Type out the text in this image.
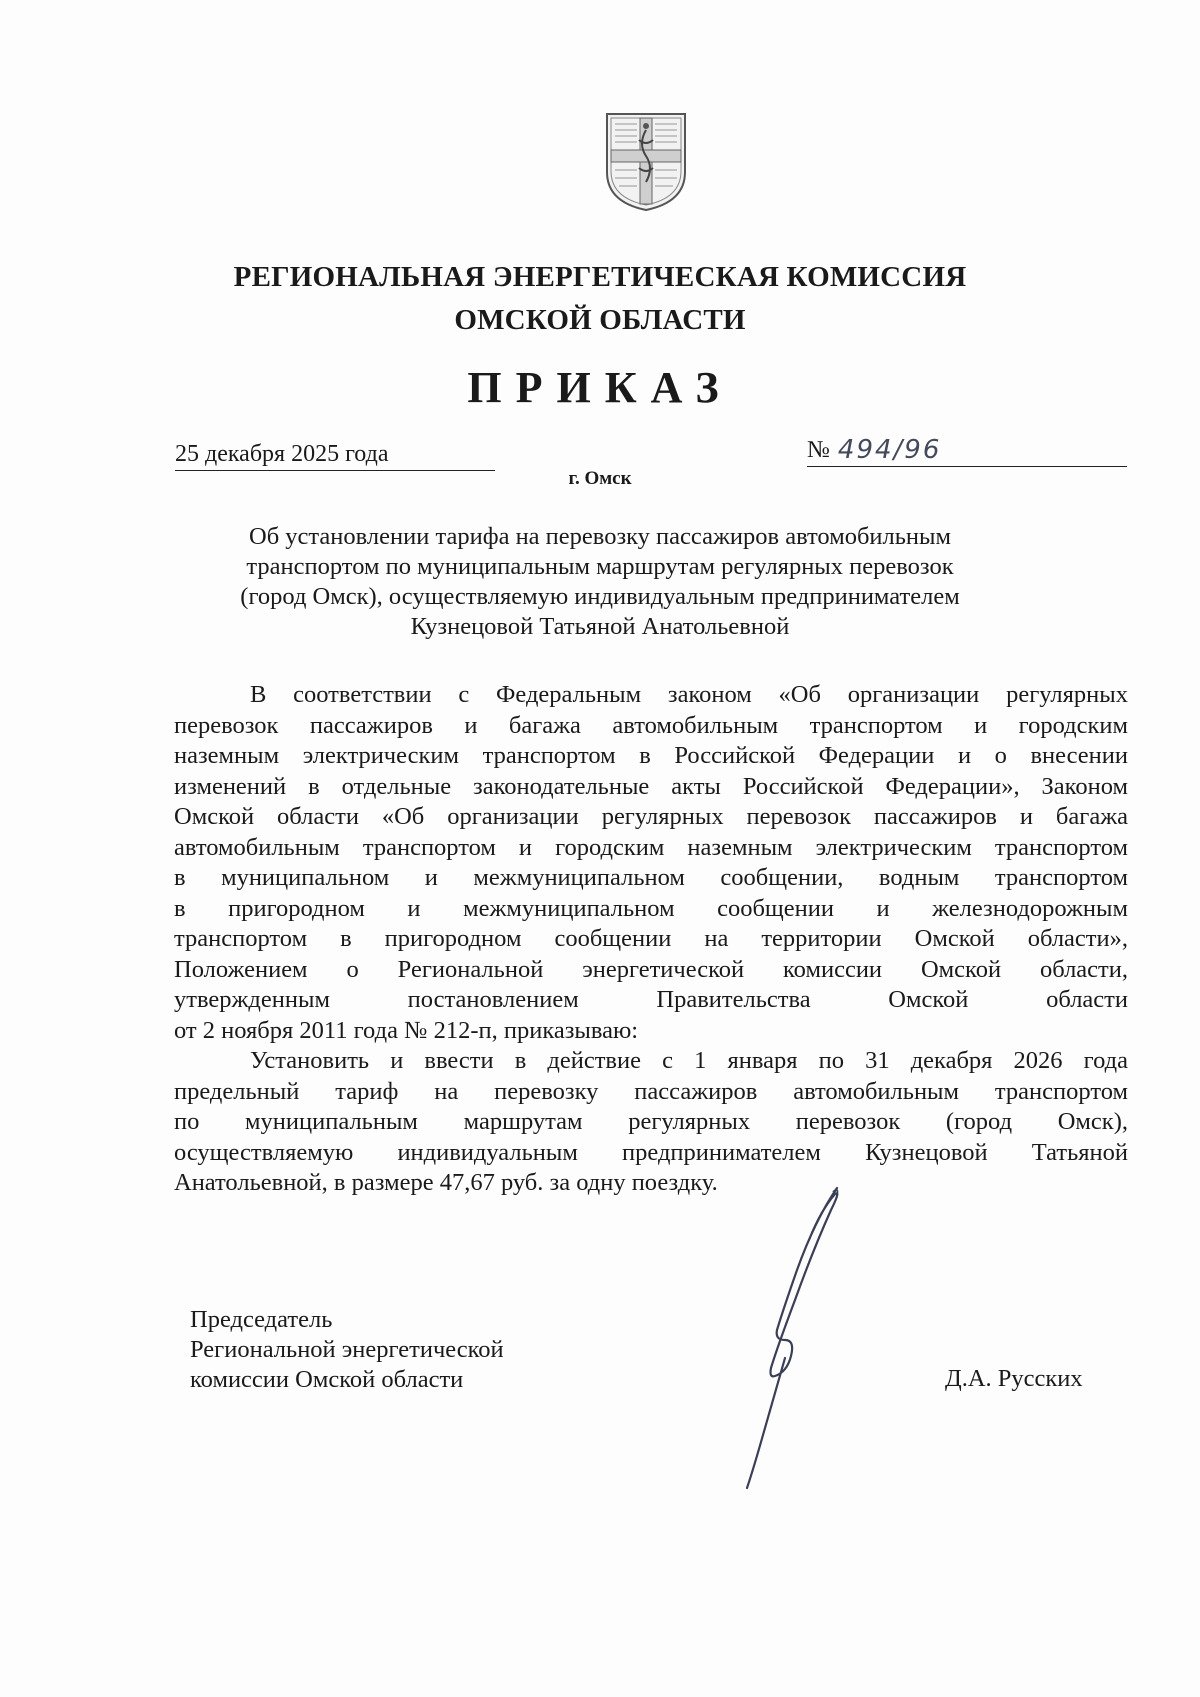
РЕГИОНАЛЬНАЯ ЭНЕРГЕТИЧЕСКАЯ КОМИССИЯ
ОМСКОЙ ОБЛАСТИ
ПРИКАЗ
25 декабря 2025 года	№ 494/96
г. Омск
Об установлении тарифа на перевозку пассажиров автомобильным
транспортом по муниципальным маршрутам регулярных перевозок
(город Омск), осуществляемую индивидуальным предпринимателем
Кузнецовой Татьяной Анатольевной
В соответствии с Федеральным законом «Об организации регулярных
перевозок пассажиров и багажа автомобильным транспортом и городским
наземным электрическим транспортом в Российской Федерации и о внесении
изменений в отдельные законодательные акты Российской Федерации», Законом
Омской области «Об организации регулярных перевозок пассажиров и багажа
автомобильным транспортом и городским наземным электрическим транспортом
в муниципальном и межмуниципальном сообщении, водным транспортом
в пригородном и межмуниципальном сообщении и железнодорожным
транспортом в пригородном сообщении на территории Омской области»,
Положением о Региональной энергетической комиссии Омской области,
утвержденным постановлением Правительства Омской области
от 2 ноября 2011 года № 212-п, приказываю:
Установить и ввести в действие с 1 января по 31 декабря 2026 года
предельный тариф на перевозку пассажиров автомобильным транспортом
по муниципальным маршрутам регулярных перевозок (город Омск),
осуществляемую индивидуальным предпринимателем Кузнецовой Татьяной
Анатольевной, в размере 47,67 руб. за одну поездку.
Председатель
Региональной энергетической
комиссии Омской области	Д.А. Русских
